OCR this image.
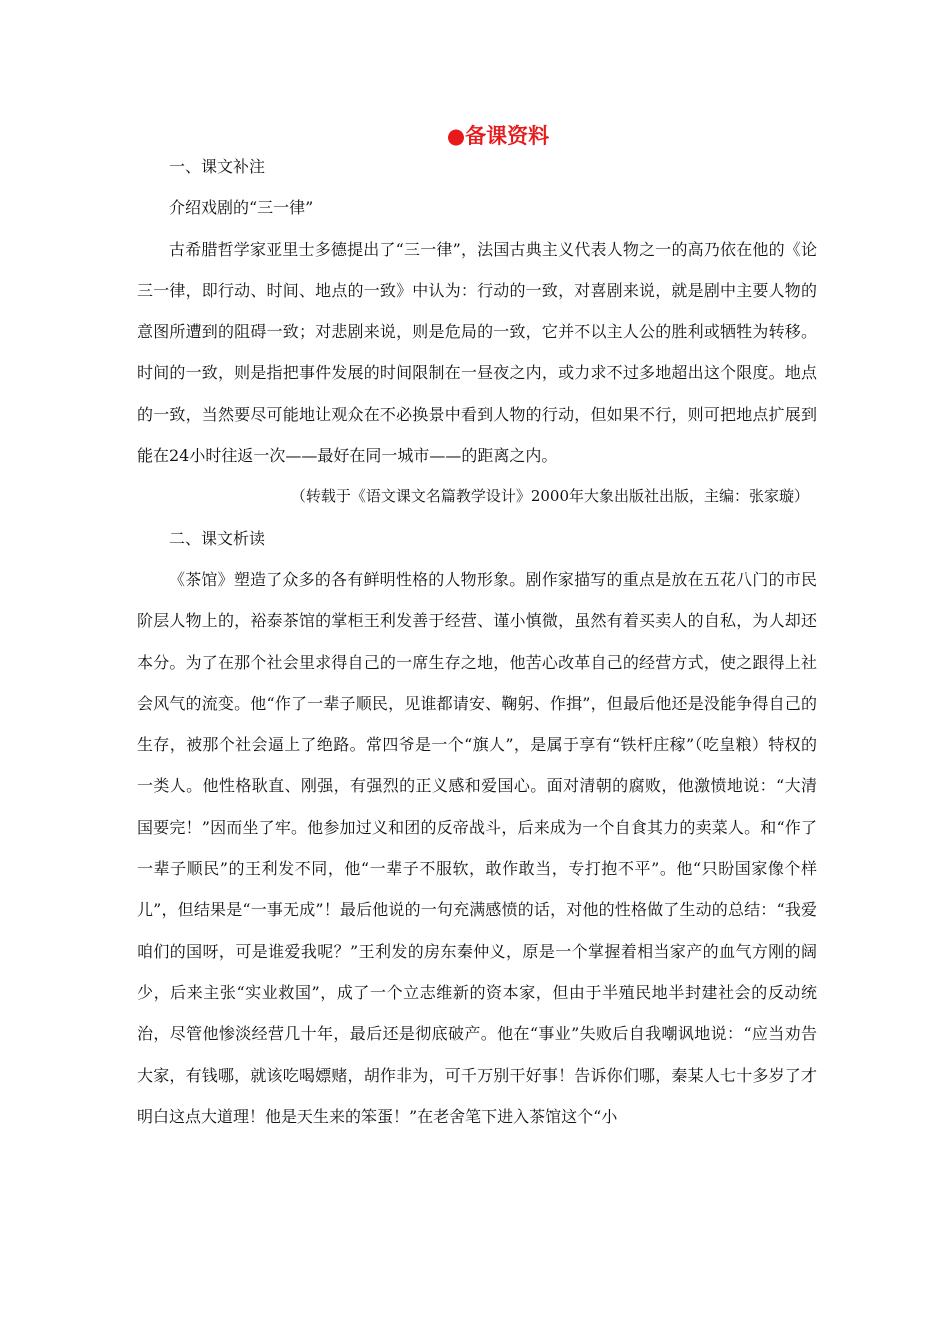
●备课资料

一、课文补注

介绍戏剧的“三一律”

古希腊哲学家亚里士多德提出了“三一律”，法国古典主义代表人物之一的高乃依在他的《论三一律，即行动、时间、地点的一致》中认为：行动的一致，对喜剧来说，就是剧中主要人物的意图所遭到的阻碍一致；对悲剧来说，则是危局的一致，它并不以主人公的胜利或牺牲为转移。时间的一致，则是指把事件发展的时间限制在一昼夜之内，或力求不过多地超出这个限度。地点的一致，当然要尽可能地让观众在不必换景中看到人物的行动，但如果不行，则可把地点扩展到能在24小时往返一次——最好在同一城市——的距离之内。

（转载于《语文课文名篇教学设计》2000年大象出版社出版，主编：张家璇）

二、课文析读

《茶馆》塑造了众多的各有鲜明性格的人物形象。剧作家描写的重点是放在五花八门的市民阶层人物上的，裕泰茶馆的掌柜王利发善于经营、谨小慎微，虽然有着买卖人的自私，为人却还本分。为了在那个社会里求得自己的一席生存之地，他苦心改革自己的经营方式，使之跟得上社会风气的流变。他“作了一辈子顺民，见谁都请安、鞠躬、作揖”，但最后他还是没能争得自己的生存，被那个社会逼上了绝路。常四爷是一个“旗人”，是属于享有“铁杆庄稼”（吃皇粮）特权的一类人。他性格耿直、刚强，有强烈的正义感和爱国心。面对清朝的腐败，他激愤地说：“大清国要完！”因而坐了牢。他参加过义和团的反帝战斗，后来成为一个自食其力的卖菜人。和“作了一辈子顺民”的王利发不同，他“一辈子不服软，敢作敢当，专打抱不平”。他“只盼国家像个样儿”，但结果是“一事无成”！最后他说的一句充满感愤的话，对他的性格做了生动的总结：“我爱咱们的国呀，可是谁爱我呢？”王利发的房东秦仲义，原是一个掌握着相当家产的血气方刚的阔少，后来主张“实业救国”，成了一个立志维新的资本家，但由于半殖民地半封建社会的反动统治，尽管他惨淡经营几十年，最后还是彻底破产。他在“事业”失败后自我嘲讽地说：“应当劝告大家，有钱哪，就该吃喝嫖赌，胡作非为，可千万别干好事！告诉你们哪，秦某人七十多岁了才明白这点大道理！他是天生来的笨蛋！”在老舍笔下进入茶馆这个“小
